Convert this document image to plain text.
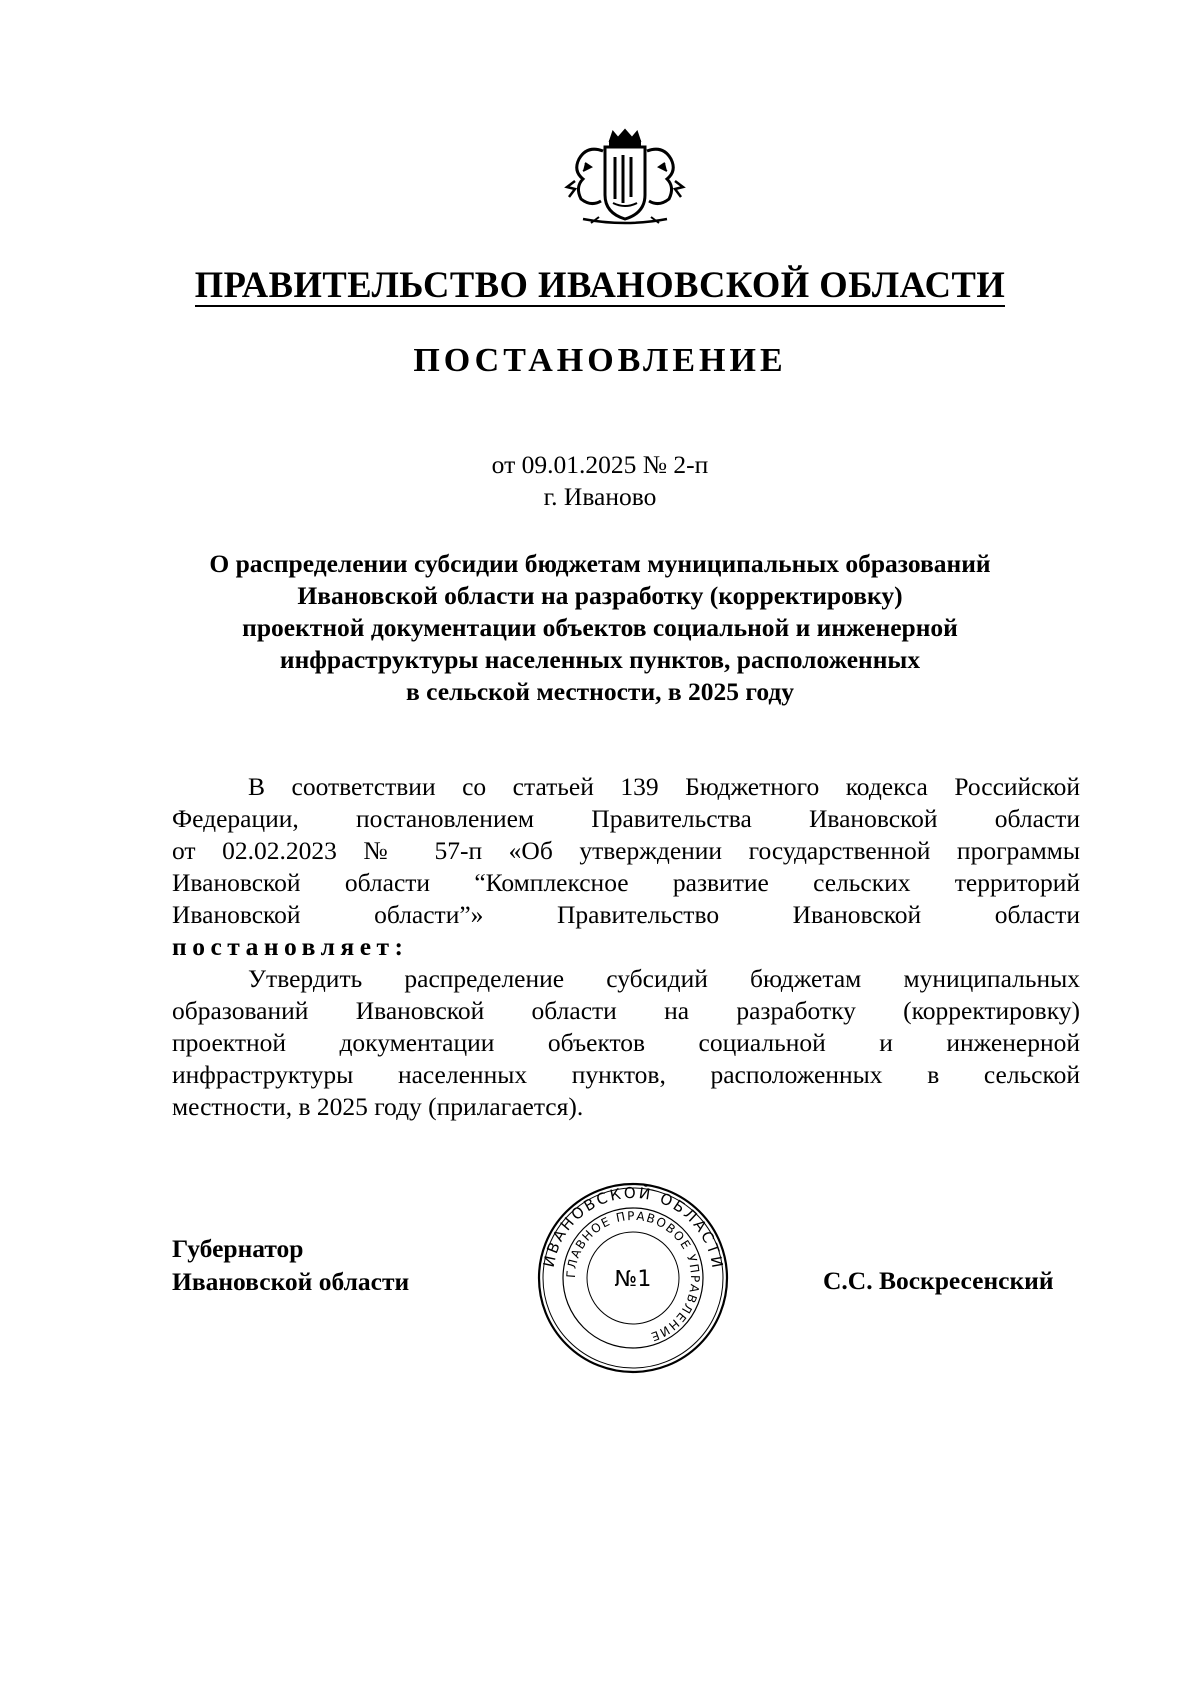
ПРАВИТЕЛЬСТВО ИВАНОВСКОЙ ОБЛАСТИ
ПОСТАНОВЛЕНИЕ
от 09.01.2025 № 2-п
г. Иваново
О распределении субсидии бюджетам муниципальных образований
Ивановской области на разработку (корректировку)
проектной документации объектов социальной и инженерной
инфраструктуры населенных пунктов, расположенных
в сельской местности, в 2025 году
В соответствии со статьей 139 Бюджетного кодекса Российской
Федерации, постановлением Правительства Ивановской области
от 02.02.2023 № 57-п «Об утверждении государственной программы
Ивановской области “Комплексное развитие сельских территорий
Ивановской области”» Правительство Ивановской области
постановляет:
Утвердить распределение субсидий бюджетам муниципальных
образований Ивановской области на разработку (корректировку)
проектной документации объектов социальной и инженерной
инфраструктуры населенных пунктов, расположенных в сельской
местности, в 2025 году (прилагается).
Губернатор
Ивановской области
ИВАНОВСКОЙ ОБЛАСТИ
ГЛАВНОЕ ПРАВОВОЕ УПРАВЛЕНИЕ
№1	С.С. Воскресенский
